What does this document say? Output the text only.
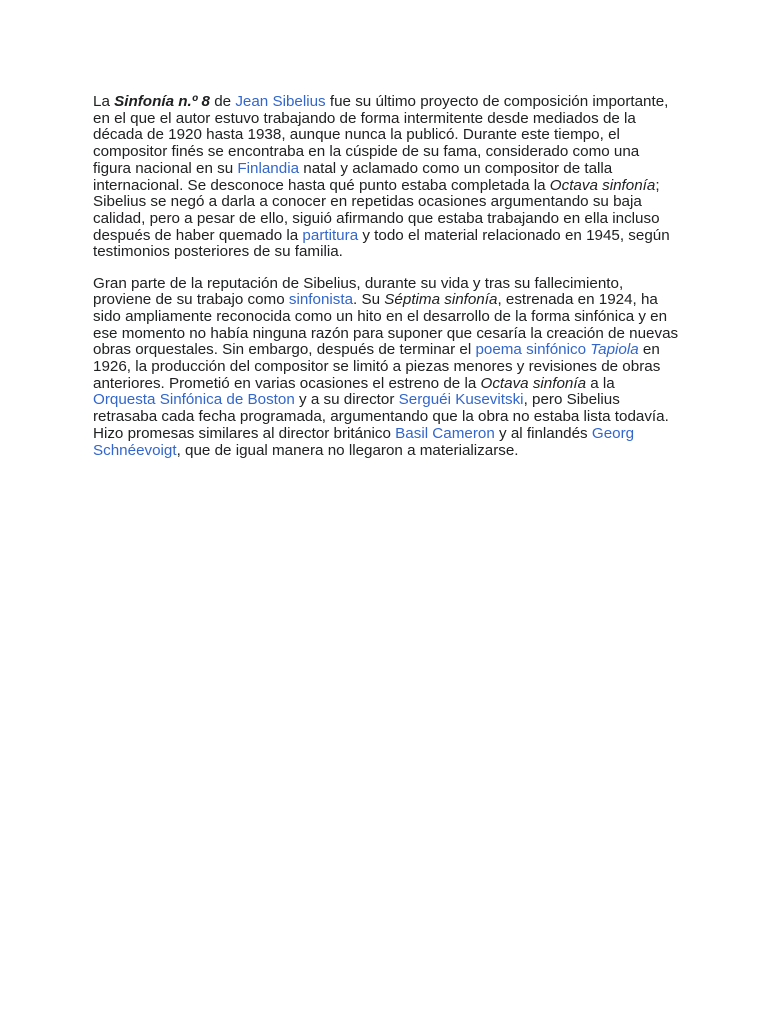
La Sinfonía n.º 8 de Jean Sibelius fue su último proyecto de composición importante, en el que el autor estuvo trabajando de forma intermitente desde mediados de la década de 1920 hasta 1938, aunque nunca la publicó. Durante este tiempo, el compositor finés se encontraba en la cúspide de su fama, considerado como una figura nacional en su Finlandia natal y aclamado como un compositor de talla internacional. Se desconoce hasta qué punto estaba completada la Octava sinfonía; Sibelius se negó a darla a conocer en repetidas ocasiones argumentando su baja calidad, pero a pesar de ello, siguió afirmando que estaba trabajando en ella incluso después de haber quemado la partitura y todo el material relacionado en 1945, según testimonios posteriores de su familia.

Gran parte de la reputación de Sibelius, durante su vida y tras su fallecimiento, proviene de su trabajo como sinfonista. Su Séptima sinfonía, estrenada en 1924, ha sido ampliamente reconocida como un hito en el desarrollo de la forma sinfónica y en ese momento no había ninguna razón para suponer que cesaría la creación de nuevas obras orquestales. Sin embargo, después de terminar el poema sinfónico Tapiola en 1926, la producción del compositor se limitó a piezas menores y revisiones de obras anteriores. Prometió en varias ocasiones el estreno de la Octava sinfonía a la Orquesta Sinfónica de Boston y a su director Serguéi Kusevitski, pero Sibelius retrasaba cada fecha programada, argumentando que la obra no estaba lista todavía. Hizo promesas similares al director británico Basil Cameron y al finlandés Georg Schnéevoigt, que de igual manera no llegaron a materializarse.
